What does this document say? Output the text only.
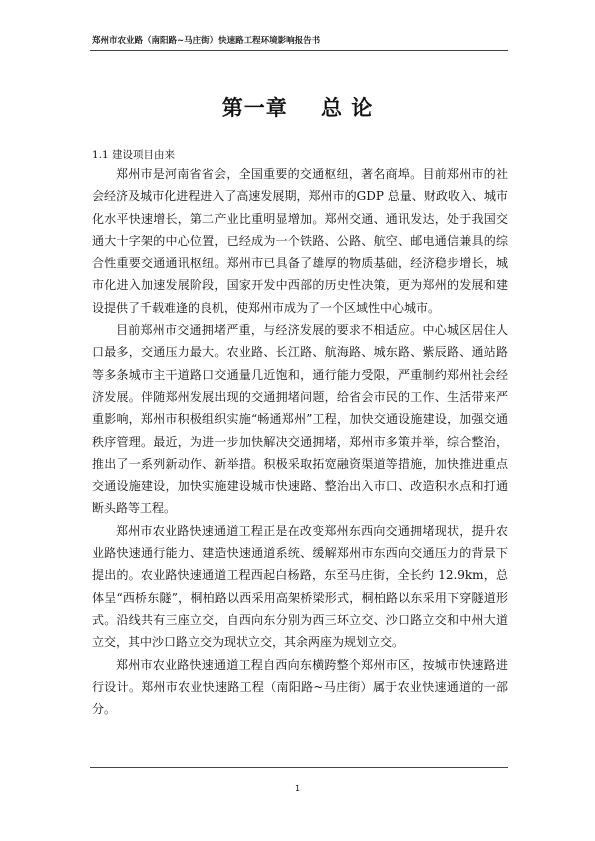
郑州市农业路（南阳路~马庄街）快速路工程环境影响报告书
第一章    总 论
1.1 建设项目由来

郑州市是河南省省会，全国重要的交通枢纽，著名商埠。目前郑州市的社会经济及城市化进程进入了高速发展期，郑州市的GDP 总量、财政收入、城市化水平快速增长，第二产业比重明显增加。郑州交通、通讯发达，处于我国交通大十字架的中心位置，已经成为一个铁路、公路、航空、邮电通信兼具的综合性重要交通通讯枢纽。郑州市已具备了雄厚的物质基础，经济稳步增长，城市化进入加速发展阶段，国家开发中西部的历史性决策，更为郑州的发展和建设提供了千载难逢的良机，使郑州市成为了一个区域性中心城市。

目前郑州市交通拥堵严重，与经济发展的要求不相适应。中心城区居住人口最多，交通压力最大。农业路、长江路、航海路、城东路、紫辰路、通站路等多条城市主干道路口交通量几近饱和，通行能力受限，严重制约郑州社会经济发展。伴随郑州发展出现的交通拥堵问题，给省会市民的工作、生活带来严重影响，郑州市积极组织实施“畅通郑州”工程，加快交通设施建设，加强交通秩序管理。最近，为进一步加快解决交通拥堵，郑州市多策并举，综合整治，推出了一系列新动作、新举措。积极采取拓宽融资渠道等措施，加快推进重点交通设施建设，加快实施建设城市快速路、整治出入市口、改造积水点和打通断头路等工程。

郑州市农业路快速通道工程正是在改变郑州东西向交通拥堵现状，提升农业路快速通行能力、建造快速通道系统、缓解郑州市东西向交通压力的背景下提出的。农业路快速通道工程西起白杨路，东至马庄街，全长约 12.9km，总体呈“西桥东隧”，桐柏路以西采用高架桥梁形式，桐柏路以东采用下穿隧道形式。沿线共有三座立交，自西向东分别为西三环立交、沙口路立交和中州大道立交，其中沙口路立交为现状立交，其余两座为规划立交。

郑州市农业路快速通道工程自西向东横跨整个郑州市区，按城市快速路进行设计。郑州市农业快速路工程（南阳路~马庄街）属于农业快速通道的一部分。

1
